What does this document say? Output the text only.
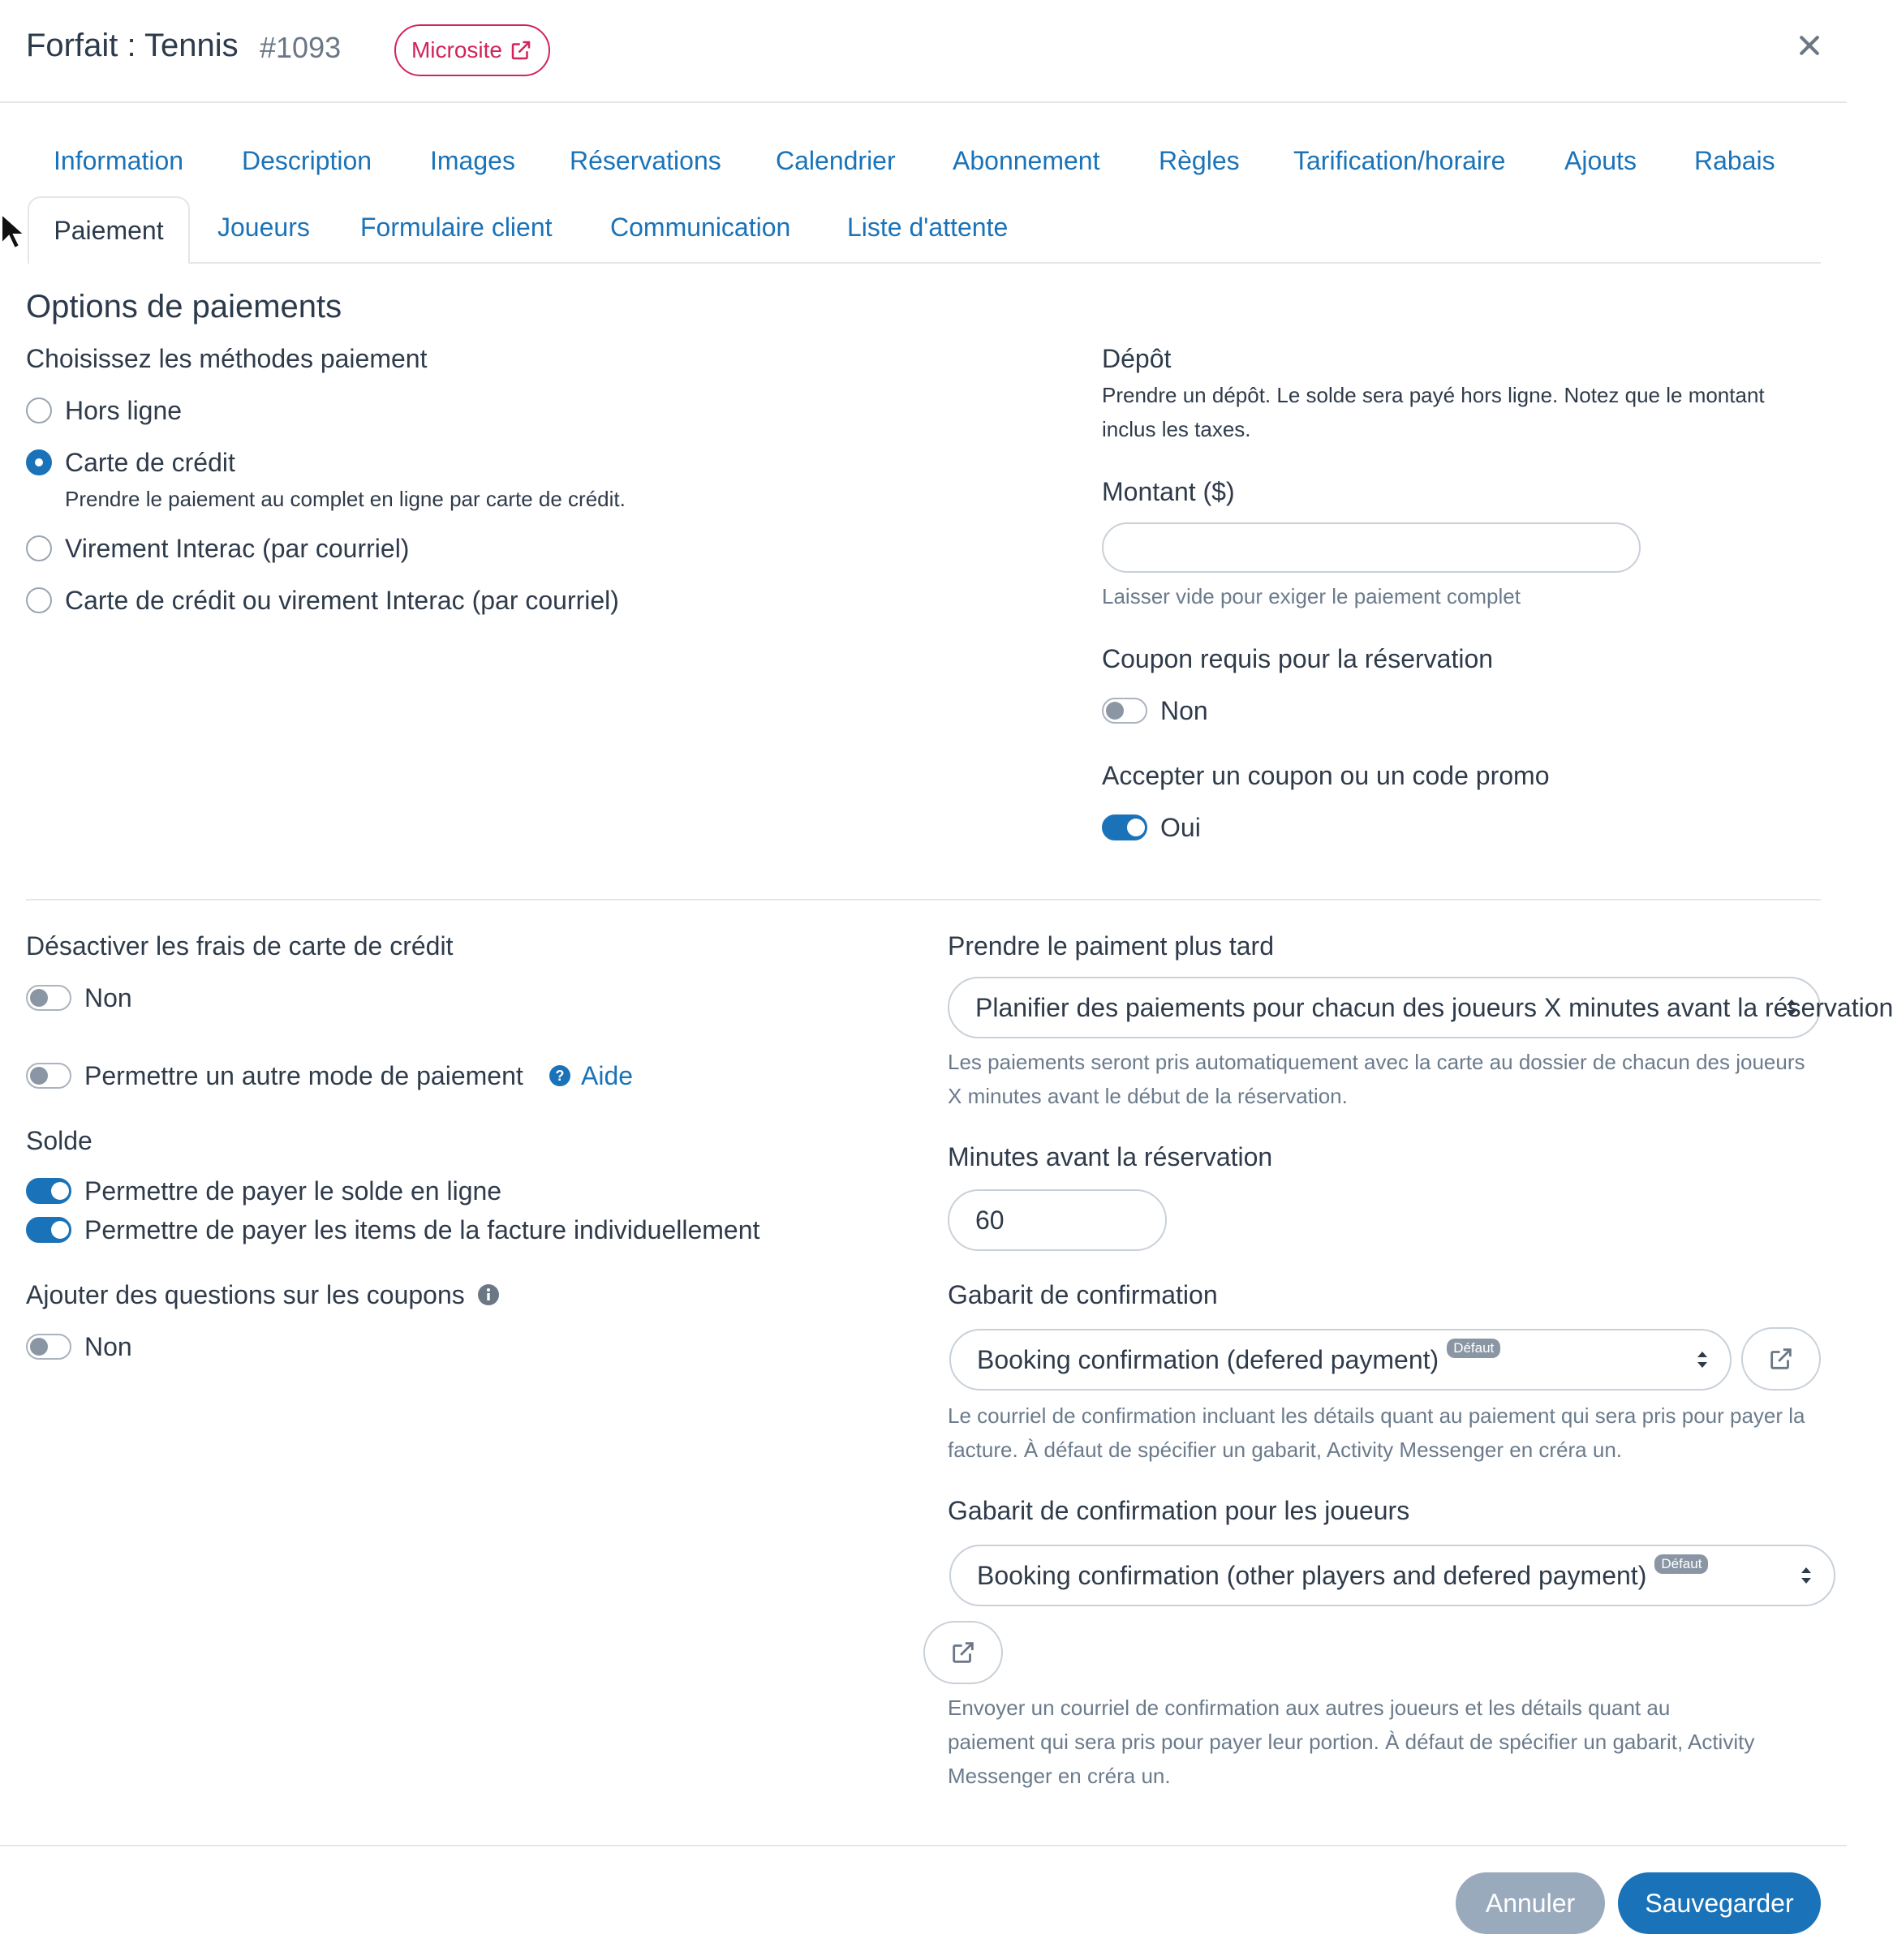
Forfait : Tennis #1093	Microsite
Information Description Images Réservations Calendrier Abonnement Règles Tarification/horaire Ajouts Rabais
Paiement Joueurs Formulaire client Communication Liste d'attente
Options de paiements
Choisissez les méthodes paiement
Hors ligne
Carte de crédit
Prendre le paiement au complet en ligne par carte de crédit.
Virement Interac (par courriel)
Carte de crédit ou virement Interac (par courriel)
Dépôt
Prendre un dépôt. Le solde sera payé hors ligne. Notez que le montant inclus les taxes.
Montant ($)
Laisser vide pour exiger le paiement complet
Coupon requis pour la réservation
Non
Accepter un coupon ou un code promo
Oui
Désactiver les frais de carte de crédit
Non
Permettre un autre mode de paiement ? Aide
Solde
Permettre de payer le solde en ligne
Permettre de payer les items de la facture individuellement
Ajouter des questions sur les coupons
Non
Prendre le paiment plus tard
Planifier des paiements pour chacun des joueurs X minutes avant la réservation
Les paiements seront pris automatiquement avec la carte au dossier de chacun des joueurs X minutes avant le début de la réservation.
Minutes avant la réservation
60
Gabarit de confirmation
Booking confirmation (defered payment)	Défaut
Le courriel de confirmation incluant les détails quant au paiement qui sera pris pour payer la facture. À défaut de spécifier un gabarit, Activity Messenger en créra un.
Gabarit de confirmation pour les joueurs
Booking confirmation (other players and defered payment)	Défaut
Envoyer un courriel de confirmation aux autres joueurs et les détails quant au paiement qui sera pris pour payer leur portion. À défaut de spécifier un gabarit, Activity Messenger en créra un.
Annuler	Sauvegarder
